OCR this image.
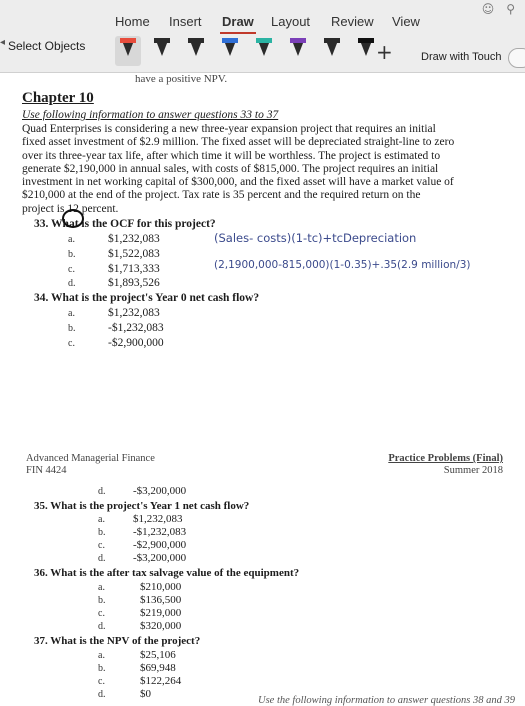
☺ ⚲
Home Insert Draw Layout Review View
◂ Select Objects	+	Draw with Touch
have a positive NPV.
Chapter 10
Use following information to answer questions 33 to 37
Quad Enterprises is considering a new three-year expansion project that requires an initial
fixed asset investment of $2.9 million. The fixed asset will be depreciated straight-line to zero
over its three-year tax life, after which time it will be worthless. The project is estimated to
generate $2,190,000 in annual sales, with costs of $815,000. The project requires an initial
investment in net working capital of $300,000, and the fixed asset will have a market value of
$210,000 at the end of the project. Tax rate is 35 percent and the required return on the
project is 12 percent.
33. What is the OCF for this project?
a.	$1,232,083
b.	$1,522,083
c.	$1,713,333
d.	$1,893,526
(Sales- costs)(1-tc)+tcDepreciation
(2,1900,000-815,000)(1-0.35)+.35(2.9 million/3)
34. What is the project's Year 0 net cash flow?
a.	$1,232,083
b.	-$1,232,083
c.	-$2,900,000
Advanced Managerial Finance
FIN 4424
Practice Problems (Final)
Summer 2018
d.	-$3,200,000
35. What is the project's Year 1 net cash flow?
a.	$1,232,083
b.	-$1,232,083
c.	-$2,900,000
d.	-$3,200,000
36. What is the after tax salvage value of the equipment?
a.	$210,000
b.	$136,500
c.	$219,000
d.	$320,000
37. What is the NPV of the project?
a.	$25,106
b.	$69,948
c.	$122,264
d.	$0
Use the following information to answer questions 38 and 39
